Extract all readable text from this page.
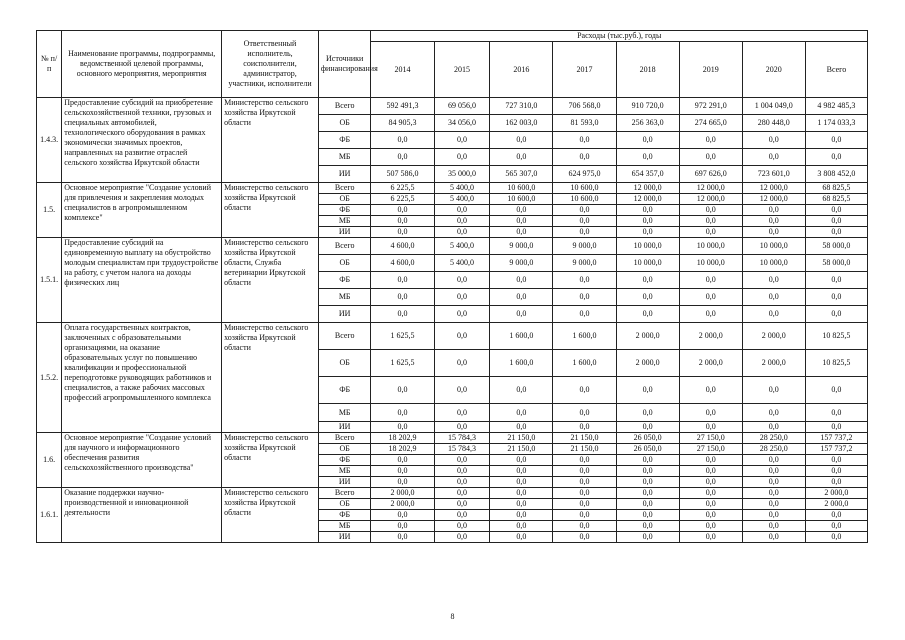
№ п/п	Наименование программы, подпрограммы, ведомственной целевой программы, основного мероприятия, мероприятия	Ответственный исполнитель, соисполнители, администратор, участники, исполнители	Источники финансирования	Расходы (тыс.руб.), годы							
				2014	2015	2016	2017	2018	2019	2020	Всего
1.4.3.	Предоставление субсидий на приобретение сельскохозяйственной техники, грузовых и специальных автомобилей, технологического оборудования в рамках экономически значимых проектов, направленных на развитие отраслей сельского хозяйства Иркутской области	Министерство сельского хозяйства Иркутской области	Всего	592 491,3	69 056,0	727 310,0	706 568,0	910 720,0	972 291,0	1 004 049,0	4 982 485,3
			ОБ	84 905,3	34 056,0	162 003,0	81 593,0	256 363,0	274 665,0	280 448,0	1 174 033,3
			ФБ	0,0	0,0	0,0	0,0	0,0	0,0	0,0	0,0
			МБ	0,0	0,0	0,0	0,0	0,0	0,0	0,0	0,0
			ИИ	507 586,0	35 000,0	565 307,0	624 975,0	654 357,0	697 626,0	723 601,0	3 808 452,0
1.5.	Основное мероприятие "Создание условий для привлечения и закрепления молодых специалистов в агропромышленном комплексе"	Министерство сельского хозяйства Иркутской области	Всего	6 225,5	5 400,0	10 600,0	10 600,0	12 000,0	12 000,0	12 000,0	68 825,5
			ОБ	6 225,5	5 400,0	10 600,0	10 600,0	12 000,0	12 000,0	12 000,0	68 825,5
			ФБ	0,0	0,0	0,0	0,0	0,0	0,0	0,0	0,0
			МБ	0,0	0,0	0,0	0,0	0,0	0,0	0,0	0,0
			ИИ	0,0	0,0	0,0	0,0	0,0	0,0	0,0	0,0
1.5.1.	Предоставление субсидий на единовременную выплату на обустройство молодым специалистам при трудоустройстве на работу, с учетом налога на доходы физических лиц	Министерство сельского хозяйства Иркутской области, Служба ветеринарии Иркутской области	Всего	4 600,0	5 400,0	9 000,0	9 000,0	10 000,0	10 000,0	10 000,0	58 000,0
			ОБ	4 600,0	5 400,0	9 000,0	9 000,0	10 000,0	10 000,0	10 000,0	58 000,0
			ФБ	0,0	0,0	0,0	0,0	0,0	0,0	0,0	0,0
			МБ	0,0	0,0	0,0	0,0	0,0	0,0	0,0	0,0
			ИИ	0,0	0,0	0,0	0,0	0,0	0,0	0,0	0,0
1.5.2.	Оплата государственных контрактов, заключенных с образовательными организациями, на оказание образовательных услуг по повышению квалификации и профессиональной переподготовке руководящих работников и специалистов, а также рабочих массовых профессий агропромышленного комплекса	Министерство сельского хозяйства Иркутской области	Всего	1 625,5	0,0	1 600,0	1 600,0	2 000,0	2 000,0	2 000,0	10 825,5
			ОБ	1 625,5	0,0	1 600,0	1 600,0	2 000,0	2 000,0	2 000,0	10 825,5
			ФБ	0,0	0,0	0,0	0,0	0,0	0,0	0,0	0,0
			МБ	0,0	0,0	0,0	0,0	0,0	0,0	0,0	0,0
			ИИ	0,0	0,0	0,0	0,0	0,0	0,0	0,0	0,0
1.6.	Основное мероприятие "Создание условий для научного и информационного обеспечения развития сельскохозяйственного производства"	Министерство сельского хозяйства Иркутской области	Всего	18 202,9	15 784,3	21 150,0	21 150,0	26 050,0	27 150,0	28 250,0	157 737,2
			ОБ	18 202,9	15 784,3	21 150,0	21 150,0	26 050,0	27 150,0	28 250,0	157 737,2
			ФБ	0,0	0,0	0,0	0,0	0,0	0,0	0,0	0,0
			МБ	0,0	0,0	0,0	0,0	0,0	0,0	0,0	0,0
			ИИ	0,0	0,0	0,0	0,0	0,0	0,0	0,0	0,0
1.6.1.	Оказание поддержки научно-производственной и инновационной деятельности	Министерство сельского хозяйства Иркутской области	Всего	2 000,0	0,0	0,0	0,0	0,0	0,0	0,0	2 000,0
			ОБ	2 000,0	0,0	0,0	0,0	0,0	0,0	0,0	2 000,0
			ФБ	0,0	0,0	0,0	0,0	0,0	0,0	0,0	0,0
			МБ	0,0	0,0	0,0	0,0	0,0	0,0	0,0	0,0
			ИИ	0,0	0,0	0,0	0,0	0,0	0,0	0,0	0,0
8
